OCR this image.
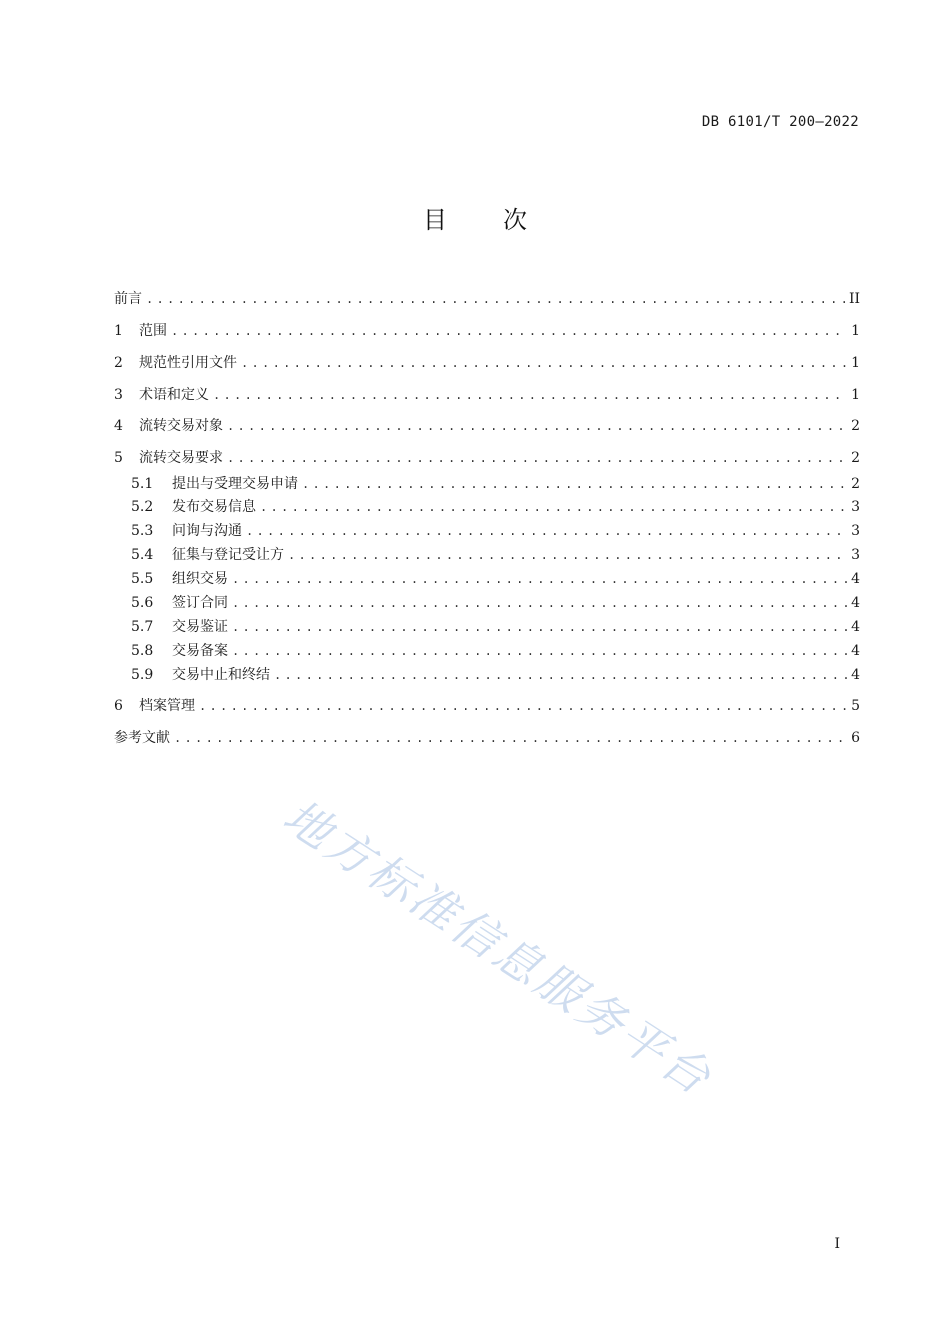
DB 6101/T 200—2022
目次
前言 .....	II
1	范围 .....	1
2	规范性引用文件 .....	1
3	术语和定义 .....	1
4	流转交易对象 .....	2
5	流转交易要求 .....	2
5.1	提出与受理交易申请 .....	2
5.2	发布交易信息 .....	3
5.3	问询与沟通 .....	3
5.4	征集与登记受让方 .....	3
5.5	组织交易 .....	4
5.6	签订合同 .....	4
5.7	交易鉴证 .....	4
5.8	交易备案 .....	4
5.9	交易中止和终结 .....	4
6	档案管理 .....	5
参考文献 .....	6
地方标准信息服务平台
I
